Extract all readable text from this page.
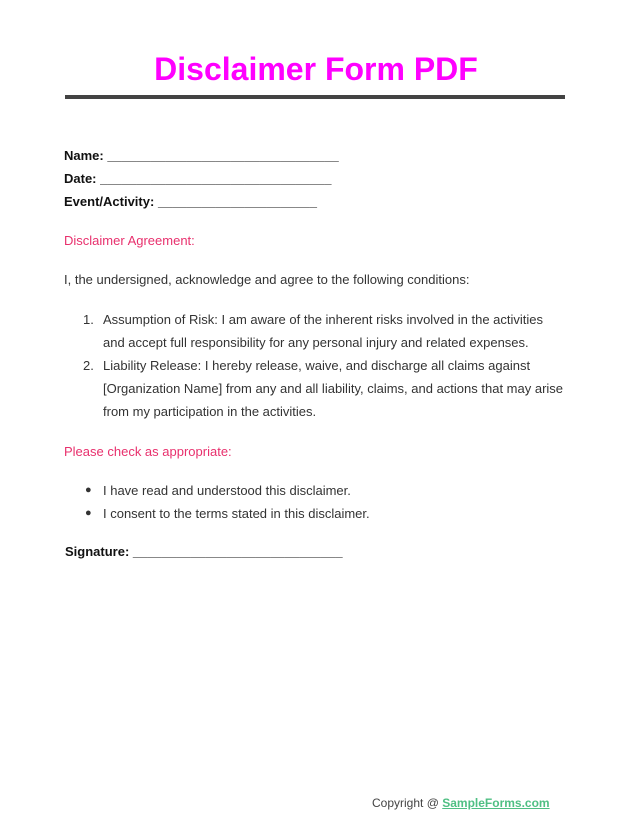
Disclaimer Form PDF
Name: ________________________________
Date: ________________________________
Event/Activity: ______________________
Disclaimer Agreement:
I, the undersigned, acknowledge and agree to the following conditions:
1. Assumption of Risk: I am aware of the inherent risks involved in the activities and accept full responsibility for any personal injury and related expenses.
2. Liability Release: I hereby release, waive, and discharge all claims against [Organization Name] from any and all liability, claims, and actions that may arise from my participation in the activities.
Please check as appropriate:
● I have read and understood this disclaimer.
● I consent to the terms stated in this disclaimer.
Signature: _____________________________
Copyright @ SampleForms.com
